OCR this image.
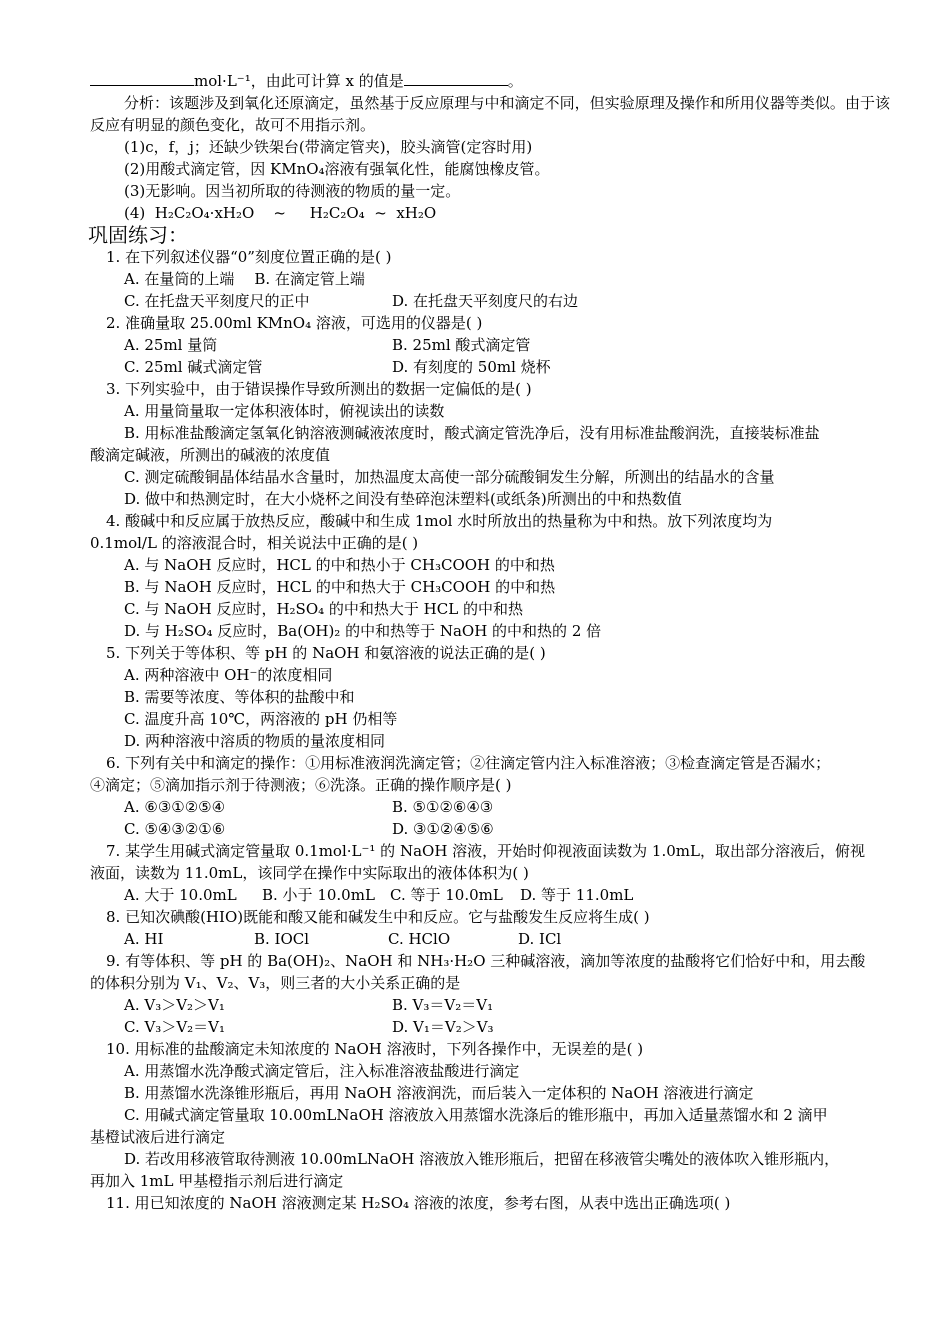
mol·L⁻¹，由此可计算 x 的值是	。
分析：该题涉及到氧化还原滴定，虽然基于反应原理与中和滴定不同，但实验原理及操作和所用仪器等类似。由于该反应有明显的颜色变化，故可不用指示剂。
(1)c，f，j；还缺少铁架台(带滴定管夹)，胶头滴管(定容时用)
(2)用酸式滴定管，因 KMnO₄溶液有强氧化性，能腐蚀橡皮管。
(3)无影响。因当初所取的待测液的物质的量一定。
(4)  H₂C₂O₄·xH₂O    ~     H₂C₂O₄  ~  xH₂O
巩固练习：
1. 在下列叙述仪器“0”刻度位置正确的是( )
A. 在量筒的上端 B. 在滴定管上端
C. 在托盘天平刻度尺的正中	D. 在托盘天平刻度尺的右边
2. 准确量取 25.00ml KMnO₄ 溶液，可选用的仪器是( )
A. 25ml 量筒	B. 25ml 酸式滴定管
C. 25ml 碱式滴定管	D. 有刻度的 50ml 烧杯
3. 下列实验中，由于错误操作导致所测出的数据一定偏低的是( )
A. 用量筒量取一定体积液体时，俯视读出的读数
B. 用标准盐酸滴定氢氧化钠溶液测碱液浓度时，酸式滴定管洗净后，没有用标准盐酸润洗，直接装标准盐
酸滴定碱液，所测出的碱液的浓度值
C. 测定硫酸铜晶体结晶水含量时，加热温度太高使一部分硫酸铜发生分解，所测出的结晶水的含量
D. 做中和热测定时，在大小烧杯之间没有垫碎泡沫塑料(或纸条)所测出的中和热数值
4. 酸碱中和反应属于放热反应，酸碱中和生成 1mol 水时所放出的热量称为中和热。放下列浓度均为
0.1mol/L 的溶液混合时，相关说法中正确的是( )
A. 与 NaOH 反应时，HCL 的中和热小于 CH₃COOH 的中和热
B. 与 NaOH 反应时，HCL 的中和热大于 CH₃COOH 的中和热
C. 与 NaOH 反应时，H₂SO₄ 的中和热大于 HCL 的中和热
D. 与 H₂SO₄ 反应时，Ba(OH)₂ 的中和热等于 NaOH 的中和热的 2 倍
5. 下列关于等体积、等 pH 的 NaOH 和氨溶液的说法正确的是( )
A. 两种溶液中 OH⁻的浓度相同
B. 需要等浓度、等体积的盐酸中和
C. 温度升高 10℃，两溶液的 pH 仍相等
D. 两种溶液中溶质的物质的量浓度相同
6. 下列有关中和滴定的操作：①用标准液润洗滴定管；②往滴定管内注入标准溶液；③检查滴定管是否漏水；
④滴定；⑤滴加指示剂于待测液；⑥洗涤。正确的操作顺序是( )
A. ⑥③①②⑤④	B. ⑤①②⑥④③
C. ⑤④③②①⑥	D. ③①②④⑤⑥
7. 某学生用碱式滴定管量取 0.1mol·L⁻¹ 的 NaOH 溶液，开始时仰视液面读数为 1.0mL，取出部分溶液后，俯视
液面，读数为 11.0mL，该同学在操作中实际取出的液体体积为( )
A. 大于 10.0mL	B. 小于 10.0mL	C. 等于 10.0mL	D. 等于 11.0mL
8. 已知次碘酸(HIO)既能和酸又能和碱发生中和反应。它与盐酸发生反应将生成( )
A. HI	B. IOCl	C. HClO	D. ICl
9. 有等体积、等 pH 的 Ba(OH)₂、NaOH 和 NH₃·H₂O 三种碱溶液，滴加等浓度的盐酸将它们恰好中和，用去酸
的体积分别为 V₁、V₂、V₃，则三者的大小关系正确的是
A. V₃＞V₂＞V₁	B. V₃＝V₂＝V₁
C. V₃＞V₂＝V₁	D. V₁＝V₂＞V₃
10. 用标准的盐酸滴定未知浓度的 NaOH 溶液时，下列各操作中，无误差的是( )
A. 用蒸馏水洗净酸式滴定管后，注入标准溶液盐酸进行滴定
B. 用蒸馏水洗涤锥形瓶后，再用 NaOH 溶液润洗，而后装入一定体积的 NaOH 溶液进行滴定
C. 用碱式滴定管量取 10.00mLNaOH 溶液放入用蒸馏水洗涤后的锥形瓶中，再加入适量蒸馏水和 2 滴甲
基橙试液后进行滴定
D. 若改用移液管取待测液 10.00mLNaOH 溶液放入锥形瓶后，把留在移液管尖嘴处的液体吹入锥形瓶内，
再加入 1mL 甲基橙指示剂后进行滴定
11. 用已知浓度的 NaOH 溶液测定某 H₂SO₄ 溶液的浓度，参考右图，从表中选出正确选项( )
